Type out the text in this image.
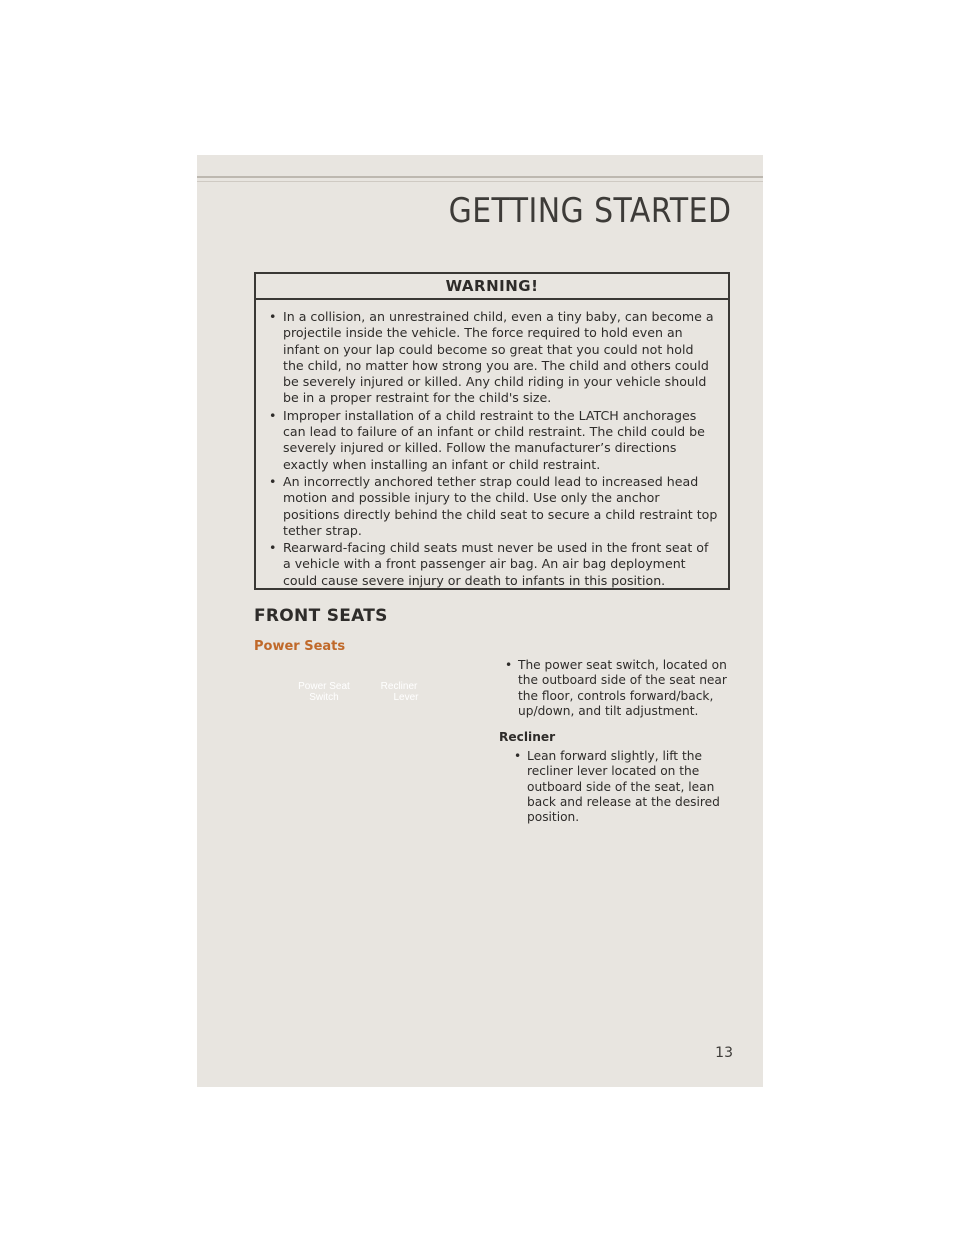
GETTING STARTED
WARNING!
• In a collision, an unrestrained child, even a tiny baby, can become a projectile inside the vehicle. The force required to hold even an infant on your lap could become so great that you could not hold the child, no matter how strong you are. The child and others could be severely injured or killed. Any child riding in your vehicle should be in a proper restraint for the child's size.
• Improper installation of a child restraint to the LATCH anchorages can lead to failure of an infant or child restraint. The child could be severely injured or killed. Follow the manufacturer’s directions exactly when installing an infant or child restraint.
• An incorrectly anchored tether strap could lead to increased head motion and possible injury to the child. Use only the anchor positions directly behind the child seat to secure a child restraint top tether strap.
• Rearward-facing child seats must never be used in the front seat of a vehicle with a front passenger air bag. An air bag deployment could cause severe injury or death to infants in this position.
FRONT SEATS
Power Seats
Power Seat
Switch
Recliner
Lever
• The power seat switch, located on the outboard side of the seat near the floor, controls forward/back, up/down, and tilt adjustment.
Recliner
• Lean forward slightly, lift the recliner lever located on the outboard side of the seat, lean back and release at the desired position.
13
